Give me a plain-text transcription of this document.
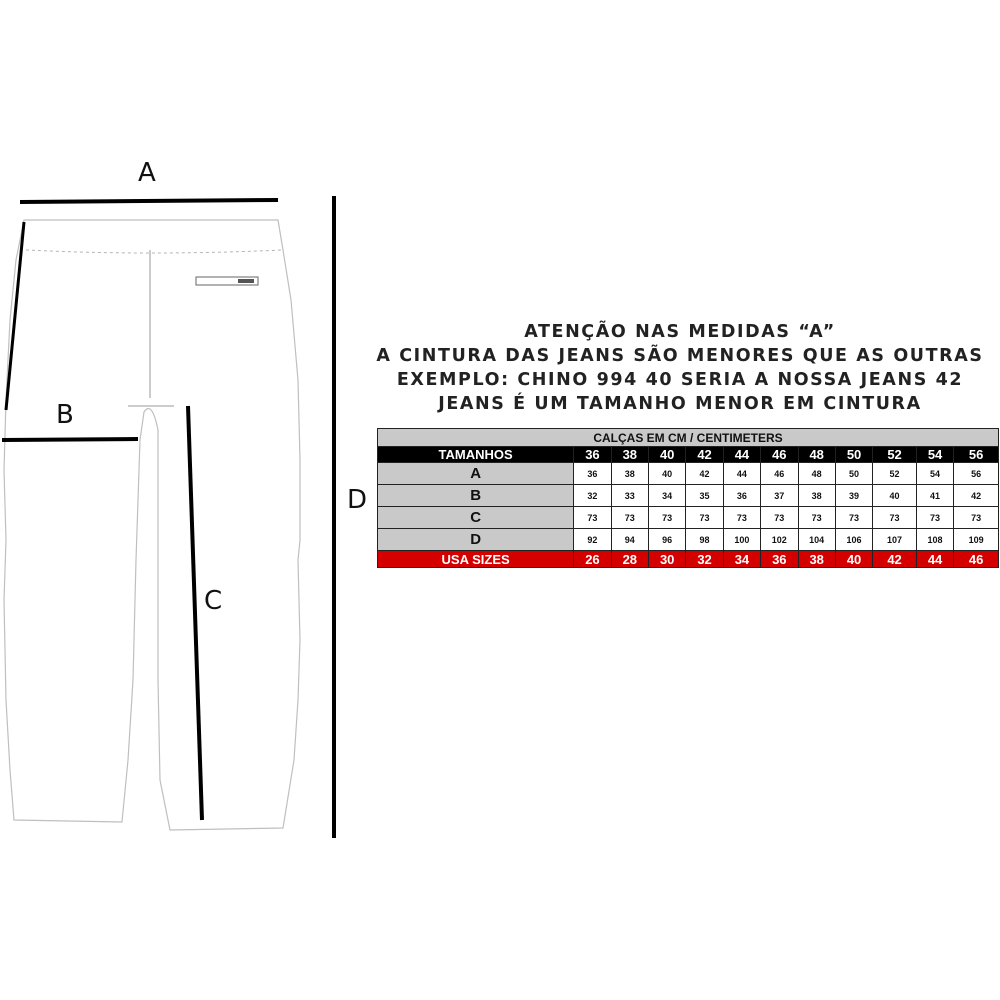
A
B
C
D
ATENÇÃO NAS MEDIDAS “A”
A CINTURA DAS JEANS SÃO MENORES QUE AS OUTRAS
EXEMPLO: CHINO 994 40 SERIA A NOSSA JEANS 42
JEANS É UM TAMANHO MENOR EM CINTURA
CALÇAS EM CM / CENTIMETERS											
TAMANHOS	36	38	40	42	44	46	48	50	52	54	56
A	36	38	40	42	44	46	48	50	52	54	56
B	32	33	34	35	36	37	38	39	40	41	42
C	73	73	73	73	73	73	73	73	73	73	73
D	92	94	96	98	100	102	104	106	107	108	109
USA SIZES	26	28	30	32	34	36	38	40	42	44	46
